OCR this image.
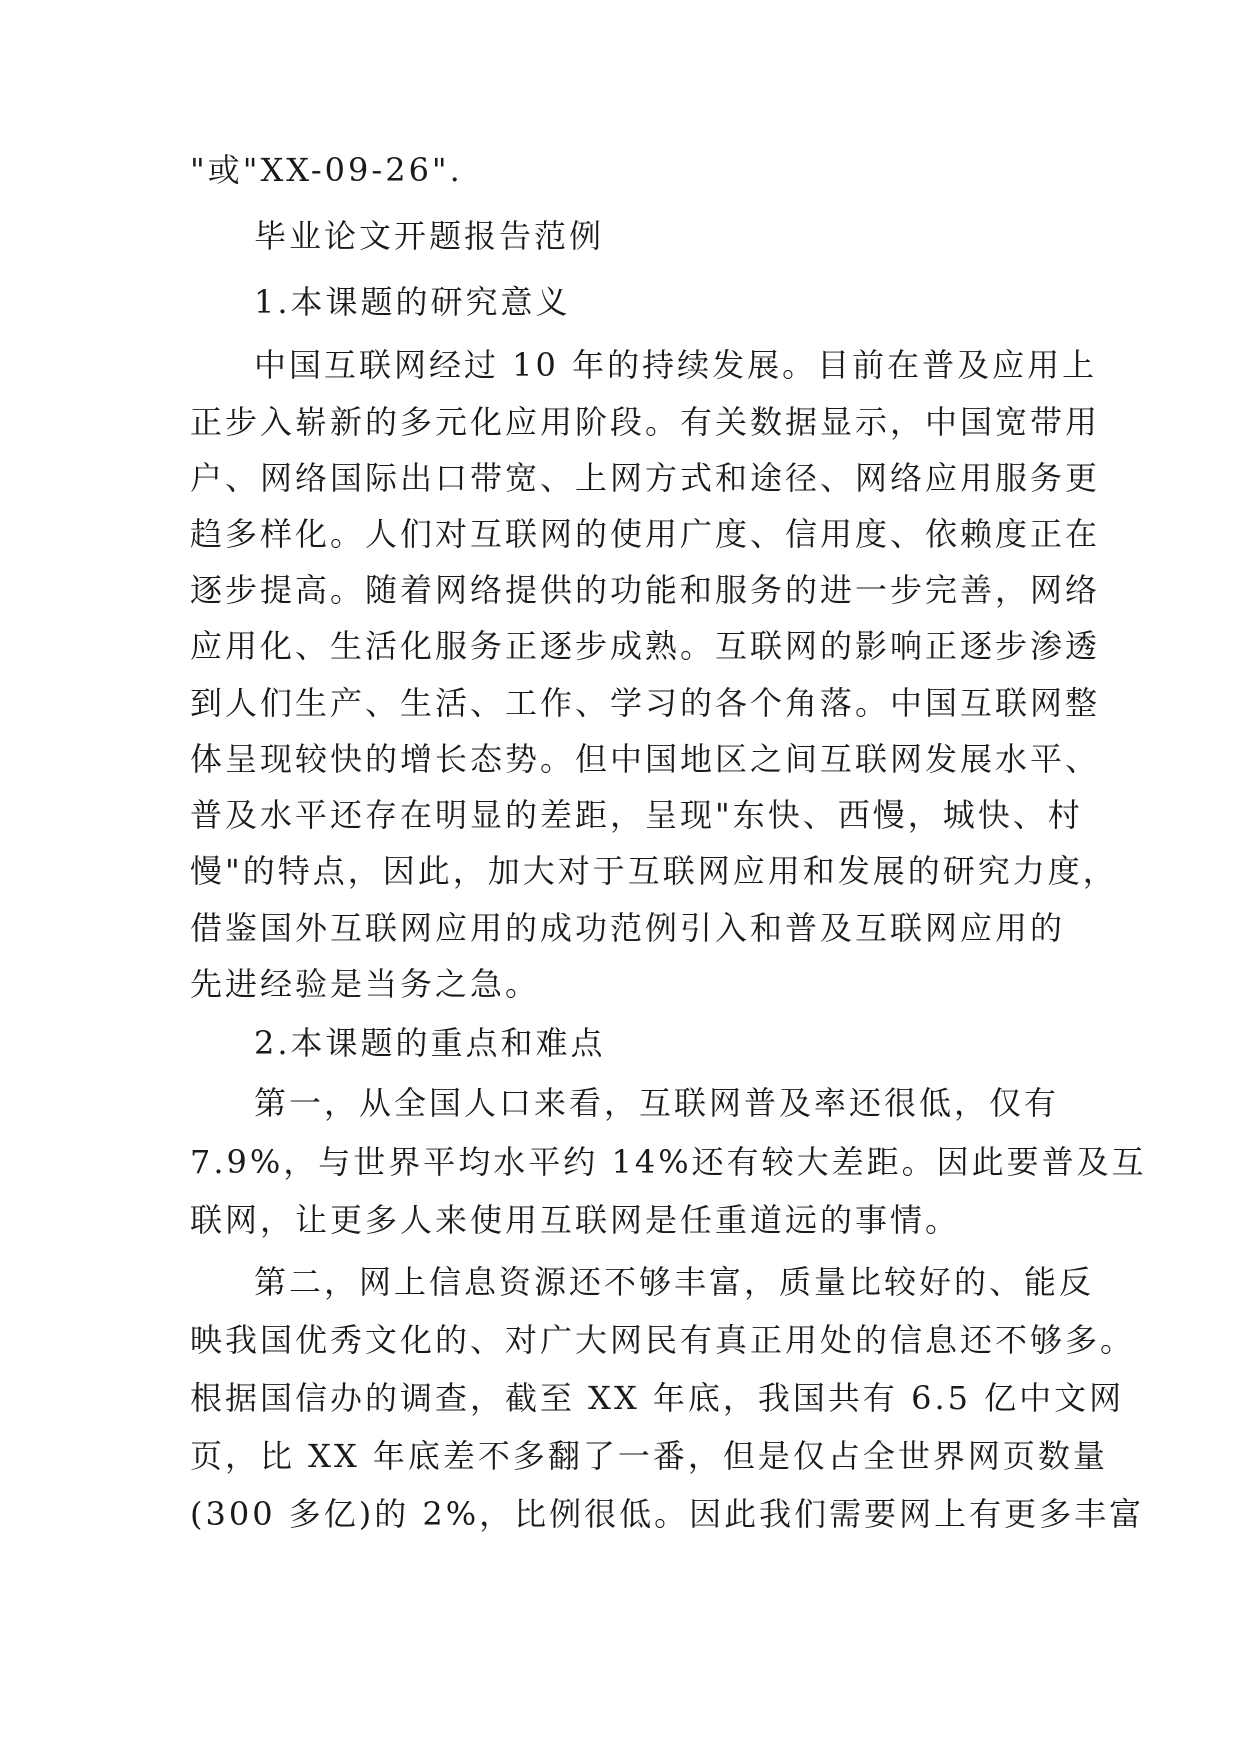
"或"XX-09-26".

毕业论文开题报告范例

1.本课题的研究意义

中国互联网经过 10 年的持续发展。目前在普及应用上

正步入崭新的多元化应用阶段。有关数据显示，中国宽带用

户、网络国际出口带宽、上网方式和途径、网络应用服务更

趋多样化。人们对互联网的使用广度、信用度、依赖度正在

逐步提高。随着网络提供的功能和服务的进一步完善，网络

应用化、生活化服务正逐步成熟。互联网的影响正逐步渗透

到人们生产、生活、工作、学习的各个角落。中国互联网整

体呈现较快的增长态势。但中国地区之间互联网发展水平、

普及水平还存在明显的差距，呈现"东快、西慢，城快、村

慢"的特点，因此，加大对于互联网应用和发展的研究力度，

借鉴国外互联网应用的成功范例引入和普及互联网应用的

先进经验是当务之急。

2.本课题的重点和难点

第一，从全国人口来看，互联网普及率还很低，仅有

7.9%，与世界平均水平约 14%还有较大差距。因此要普及互

联网，让更多人来使用互联网是任重道远的事情。

第二，网上信息资源还不够丰富，质量比较好的、能反

映我国优秀文化的、对广大网民有真正用处的信息还不够多。

根据国信办的调查，截至 XX 年底，我国共有 6.5 亿中文网

页，比 XX 年底差不多翻了一番，但是仅占全世界网页数量

(300 多亿)的 2%，比例很低。因此我们需要网上有更多丰富
